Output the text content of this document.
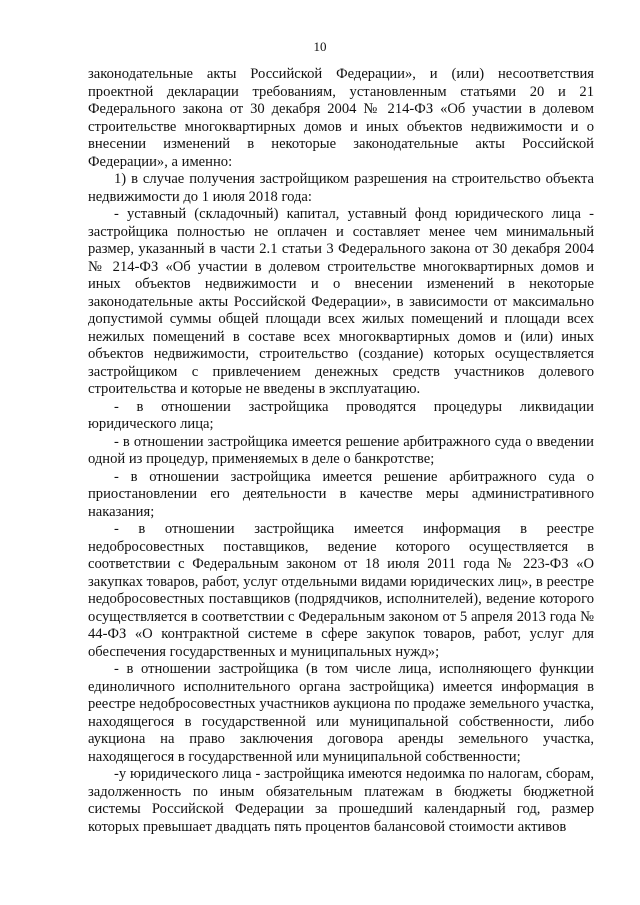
10

законодательные акты Российской Федерации», и (или) несоответствия проектной декларации требованиям, установленным статьями 20 и 21 Федерального закона от 30 декабря 2004 № 214-ФЗ «Об участии в долевом строительстве многоквартирных домов и иных объектов недвижимости и о внесении изменений в некоторые законодательные акты Российской Федерации», а именно:

1) в случае получения застройщиком разрешения на строительство объекта недвижимости до 1 июля 2018 года:

- уставный (складочный) капитал, уставный фонд юридического лица - застройщика полностью не оплачен и составляет менее чем минимальный размер, указанный в части 2.1 статьи 3 Федерального закона от 30 декабря 2004 № 214-ФЗ «Об участии в долевом строительстве многоквартирных домов и иных объектов недвижимости и о внесении изменений в некоторые законодательные акты Российской Федерации», в зависимости от максимально допустимой суммы общей площади всех жилых помещений и площади всех нежилых помещений в составе всех многоквартирных домов и (или) иных объектов недвижимости, строительство (создание) которых осуществляется застройщиком с привлечением денежных средств участников долевого строительства и которые не введены в эксплуатацию.

- в отношении застройщика проводятся процедуры ликвидации юридического лица;

- в отношении застройщика имеется решение арбитражного суда о введении одной из процедур, применяемых в деле о банкротстве;

- в отношении застройщика имеется решение арбитражного суда о приостановлении его деятельности в качестве меры административного наказания;

- в отношении застройщика имеется информация в реестре недобросовестных поставщиков, ведение которого осуществляется в соответствии с Федеральным законом от 18 июля 2011 года № 223-ФЗ «О закупках товаров, работ, услуг отдельными видами юридических лиц», в реестре недобросовестных поставщиков (подрядчиков, исполнителей), ведение которого осуществляется в соответствии с Федеральным законом от 5 апреля 2013 года № 44-ФЗ «О контрактной системе в сфере закупок товаров, работ, услуг для обеспечения государственных и муниципальных нужд»;

- в отношении застройщика (в том числе лица, исполняющего функции единоличного исполнительного органа застройщика) имеется информация в реестре недобросовестных участников аукциона по продаже земельного участка, находящегося в государственной или муниципальной собственности, либо аукциона на право заключения договора аренды земельного участка, находящегося в государственной или муниципальной собственности;

-у юридического лица - застройщика имеются недоимка по налогам, сборам, задолженность по иным обязательным платежам в бюджеты бюджетной системы Российской Федерации за прошедший календарный год, размер которых превышает двадцать пять процентов балансовой стоимости активов
